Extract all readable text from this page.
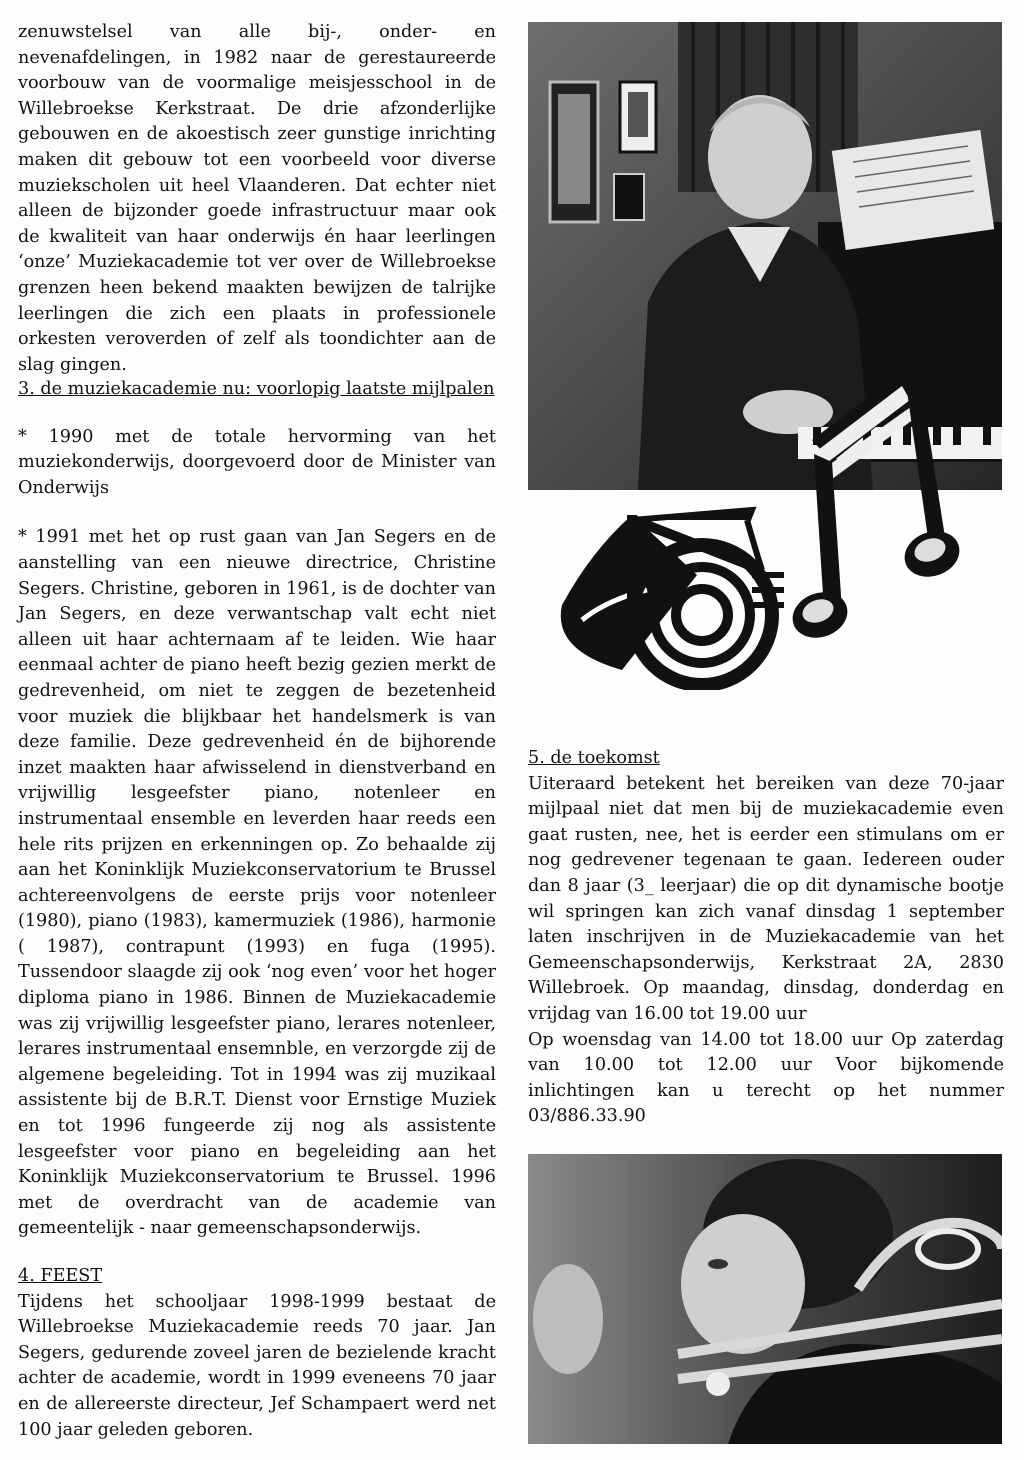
zenuwstelsel van alle bij-, onder- en nevenafdelingen, in 1982 naar de gerestaureerde voorbouw van de voormalige meisjesschool in de Willebroekse Kerkstraat. De drie afzonderlijke gebouwen en de akoestisch zeer gunstige inrichting maken dit gebouw tot een voorbeeld voor diverse muziekscholen uit heel Vlaanderen. Dat echter niet alleen de bijzonder goede infrastructuur maar ook de kwaliteit van haar onderwijs én haar leerlingen ‘onze’ Muziekacademie tot ver over de Willebroekse grenzen heen bekend maakten bewijzen de talrijke leerlingen die zich een plaats in professionele orkesten veroverden of zelf als toondichter aan de slag gingen.

3. de muziekacademie nu: voorlopig laatste mijlpalen

* 1990 met de totale hervorming van het muziekonderwijs, doorgevoerd door de Minister van Onderwijs

* 1991 met het op rust gaan van Jan Segers en de aanstelling van een nieuwe directrice, Christine Segers. Christine, geboren in 1961, is de dochter van Jan Segers, en deze verwantschap valt echt niet alleen uit haar achternaam af te leiden. Wie haar eenmaal achter de piano heeft bezig gezien merkt de gedrevenheid, om niet te zeggen de bezetenheid voor muziek die blijkbaar het handelsmerk is van deze familie. Deze gedrevenheid én de bijhorende inzet maakten haar afwisselend in dienstverband en vrijwillig lesgeefster piano, notenleer en instrumentaal ensemble en leverden haar reeds een hele rits prijzen en erkenningen op. Zo behaalde zij aan het Koninklijk Muziekconservatorium te Brussel achtereenvolgens de eerste prijs voor notenleer (1980), piano (1983), kamermuziek (1986), harmonie ( 1987), contrapunt (1993) en fuga (1995). Tussendoor slaagde zij ook ‘nog even’ voor het hoger diploma piano in 1986. Binnen de Muziekacademie was zij vrijwillig lesgeefster piano, lerares notenleer, lerares instrumentaal ensemnble, en verzorgde zij de algemene begeleiding. Tot in 1994 was zij muzikaal assistente bij de B.R.T. Dienst voor Ernstige Muziek en tot 1996 fungeerde zij nog als assistente lesgeefster voor piano en begeleiding aan het Koninklijk Muziekconservatorium te Brussel. 1996 met de overdracht van de academie van gemeentelijk - naar gemeenschapsonderwijs.

4. FEEST

Tijdens het schooljaar 1998-1999 bestaat de Willebroekse Muziekacademie reeds 70 jaar. Jan Segers, gedurende zoveel jaren de bezielende kracht achter de academie, wordt in 1999 eveneens 70 jaar en de allereerste directeur, Jef Schampaert werd net 100 jaar geleden geboren.

5. de toekomst

Uiteraard betekent het bereiken van deze 70-jaar mijlpaal niet dat men bij de muziekacademie even gaat rusten, nee, het is eerder een stimulans om er nog gedrevener tegenaan te gaan. Iedereen ouder dan 8 jaar (3_ leerjaar) die op dit dynamische bootje wil springen kan zich vanaf dinsdag 1 september laten inschrijven in de Muziekacademie van het Gemeenschapsonderwijs, Kerkstraat 2A, 2830 Willebroek. Op maandag, dinsdag, donderdag en vrijdag van 16.00 tot 19.00 uur

Op woensdag van 14.00 tot 18.00 uur Op zaterdag van 10.00 tot 12.00 uur Voor bijkomende inlichtingen kan u terecht op het nummer 03/886.33.90
